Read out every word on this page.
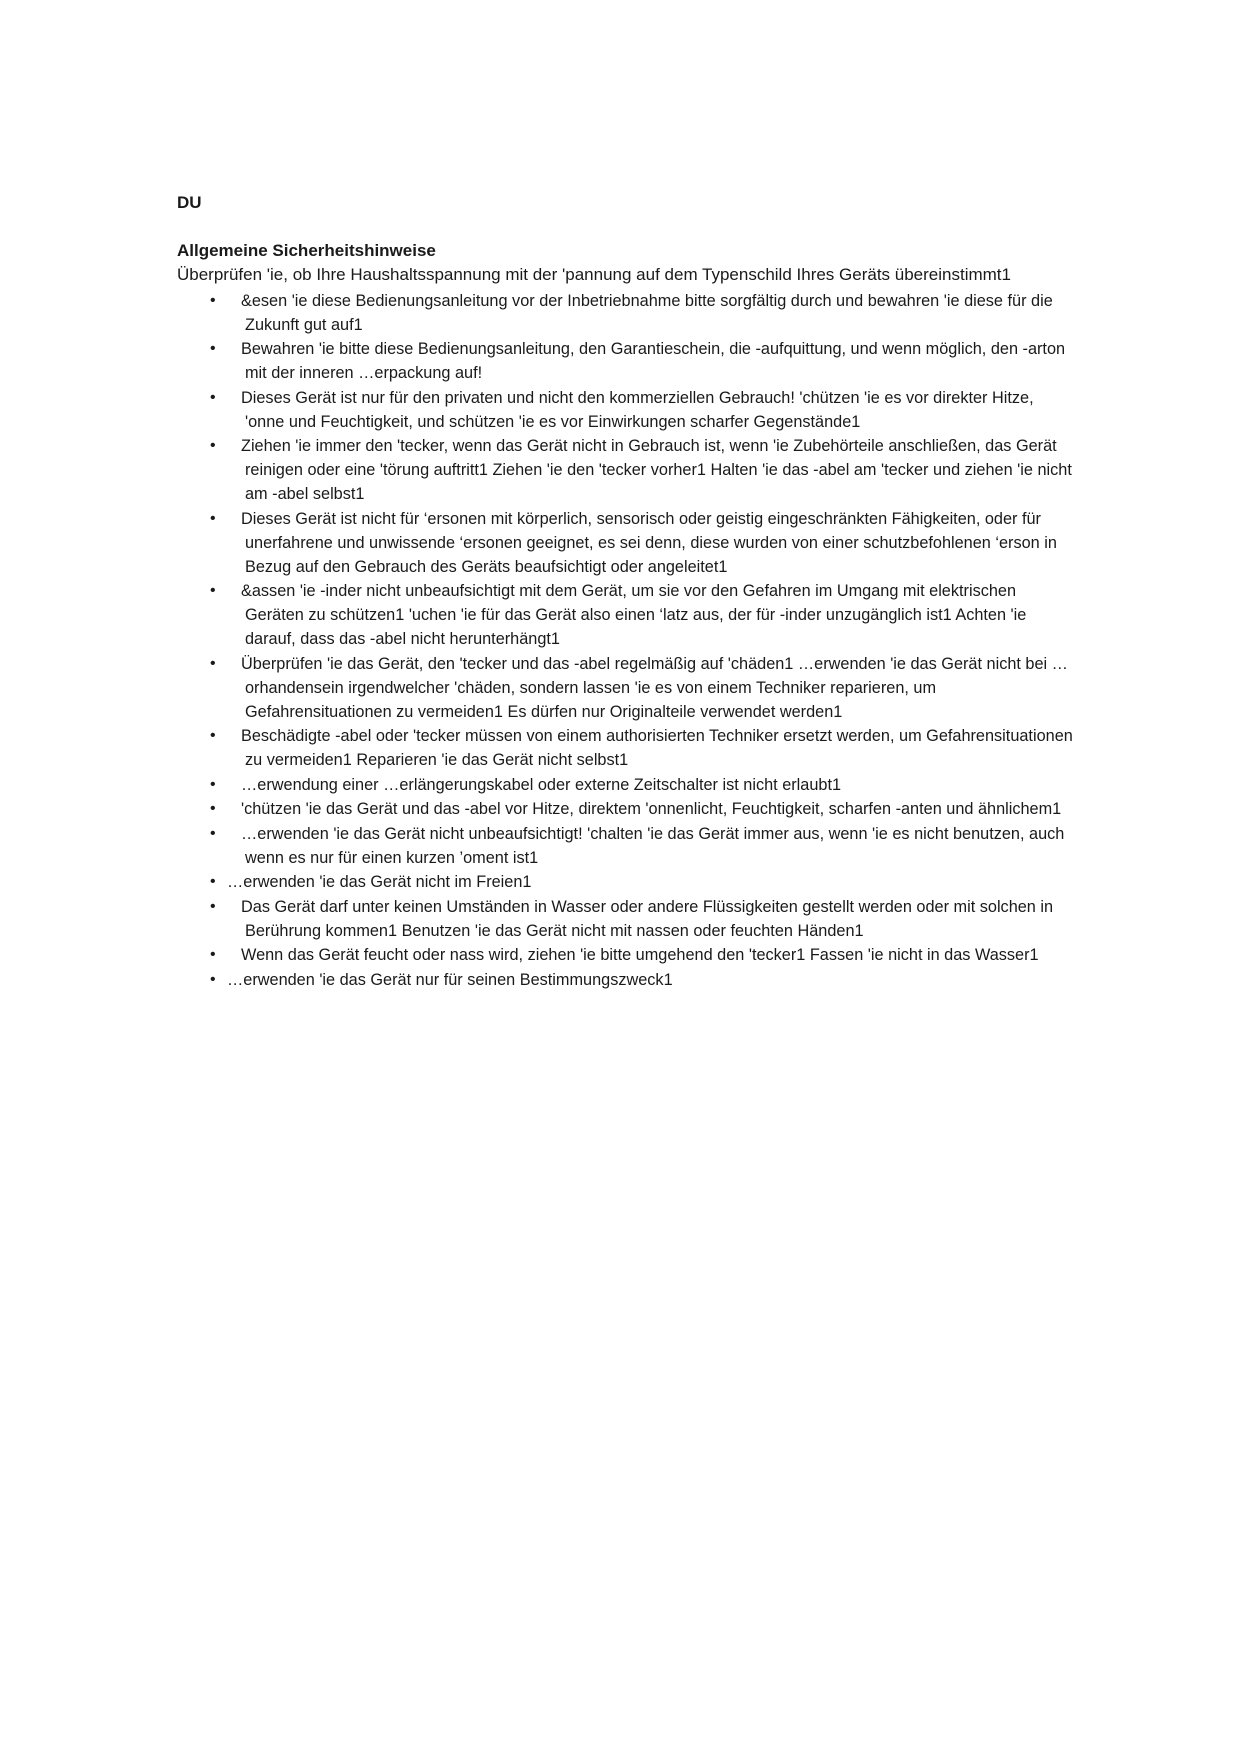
DU

Allgemeine Sicherheitshinweise

Überprüfen 'ie, ob Ihre Haushaltsspannung mit der 'pannung auf dem Typenschild Ihres Geräts übereinstimmt1

• &esen 'ie diese Bedienungsanleitung vor der Inbetriebnahme bitte sorgfältig durch und bewahren 'ie diese für die Zukunft gut auf1
• Bewahren 'ie bitte diese Bedienungsanleitung, den Garantieschein, die -aufquittung, und wenn möglich, den -arton mit der inneren …erpackung auf!
• Dieses Gerät ist nur für den privaten und nicht den kommerziellen Gebrauch! 'chützen 'ie es vor direkter Hitze, 'onne und Feuchtigkeit, und schützen 'ie es vor Einwirkungen scharfer Gegenstände1
• Ziehen 'ie immer den 'tecker, wenn das Gerät nicht in Gebrauch ist, wenn 'ie Zubehörteile anschließen, das Gerät reinigen oder eine 'törung auftritt1 Ziehen 'ie den 'tecker vorher1 Halten 'ie das -abel am 'tecker und ziehen 'ie nicht am -abel selbst1
• Dieses Gerät ist nicht für ‘ersonen mit körperlich, sensorisch oder geistig eingeschränkten Fähigkeiten, oder für unerfahrene und unwissende ‘ersonen geeignet, es sei denn, diese wurden von einer schutzbefohlenen ‘erson in Bezug auf den Gebrauch des Geräts beaufsichtigt oder angeleitet1
• &assen 'ie -inder nicht unbeaufsichtigt mit dem Gerät, um sie vor den Gefahren im Umgang mit elektrischen Geräten zu schützen1 'uchen 'ie für das Gerät also einen ‘latz aus, der für -inder unzugänglich ist1 Achten 'ie darauf, dass das -abel nicht herunterhängt1
• Überprüfen 'ie das Gerät, den 'tecker und das -abel regelmäßig auf 'chäden1 …erwenden 'ie das Gerät nicht bei …orhandensein irgendwelcher 'chäden, sondern lassen 'ie es von einem Techniker reparieren, um Gefahrensituationen zu vermeiden1 Es dürfen nur Originalteile verwendet werden1
• Beschädigte -abel oder 'tecker müssen von einem authorisierten Techniker ersetzt werden, um Gefahrensituationen zu vermeiden1 Reparieren 'ie das Gerät nicht selbst1
• …erwendung einer …erlängerungskabel oder externe Zeitschalter ist nicht erlaubt1
• 'chützen 'ie das Gerät und das -abel vor Hitze, direktem 'onnenlicht, Feuchtigkeit, scharfen -anten und ähnlichem1
• …erwenden 'ie das Gerät nicht unbeaufsichtigt! 'chalten 'ie das Gerät immer aus, wenn 'ie es nicht benutzen, auch wenn es nur für einen kurzen ’oment ist1
• …erwenden 'ie das Gerät nicht im Freien1
• Das Gerät darf unter keinen Umständen in Wasser oder andere Flüssigkeiten gestellt werden oder mit solchen in Berührung kommen1 Benutzen 'ie das Gerät nicht mit nassen oder feuchten Händen1
• Wenn das Gerät feucht oder nass wird, ziehen 'ie bitte umgehend den 'tecker1 Fassen 'ie nicht in das Wasser1
• …erwenden 'ie das Gerät nur für seinen Bestimmungszweck1
